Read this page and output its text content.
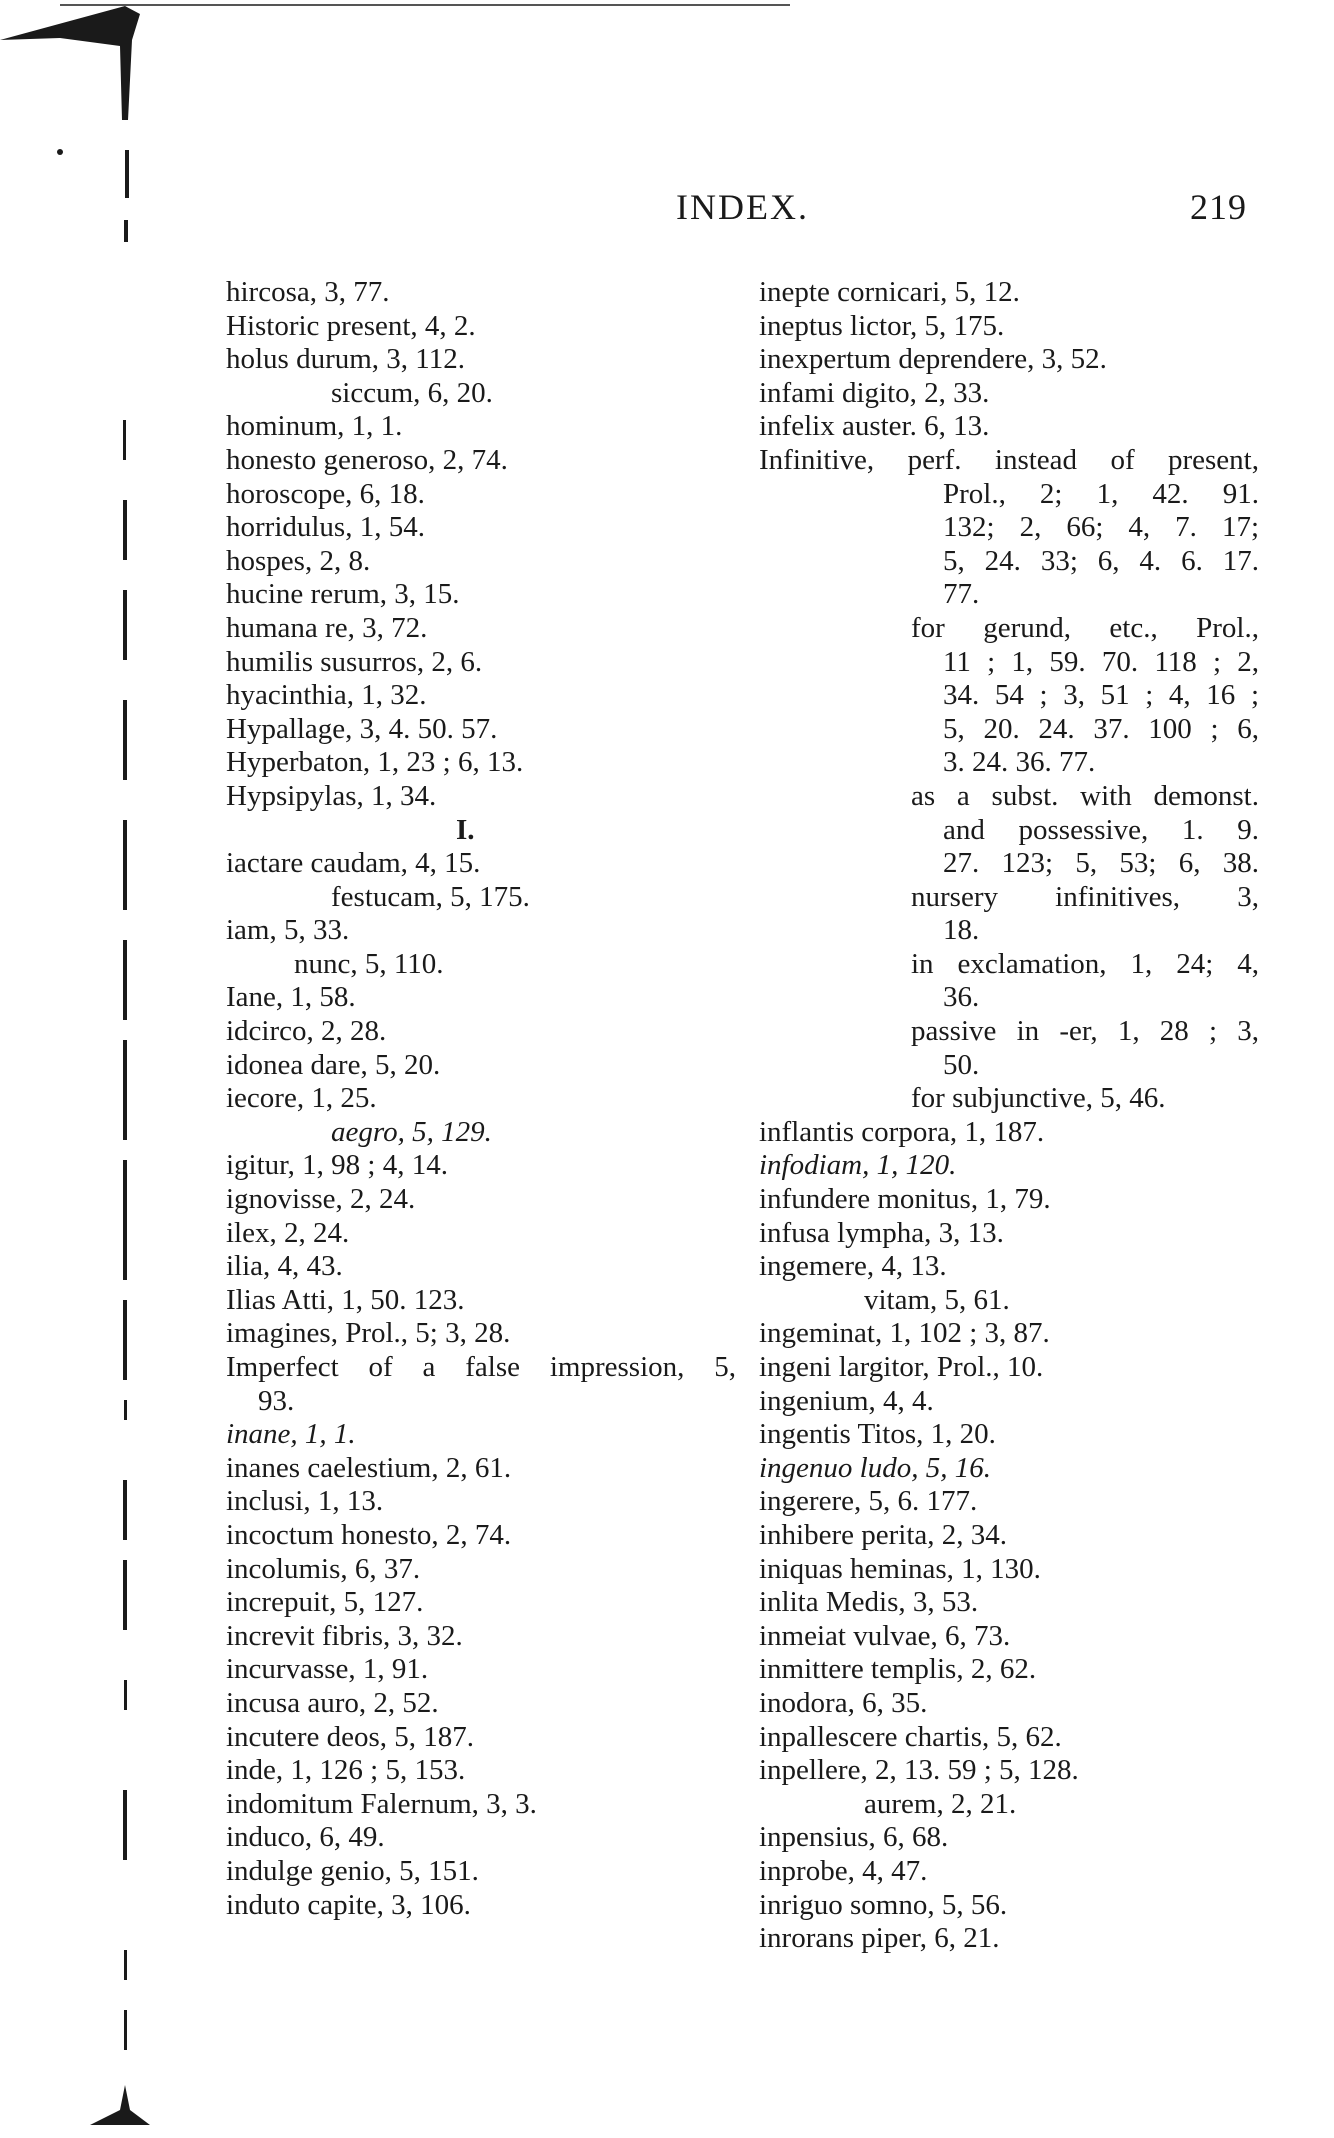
INDEX.	219
hircosa, 3, 77.
Historic present, 4, 2.
holus durum, 3, 112.
siccum, 6, 20.
hominum, 1, 1.
honesto generoso, 2, 74.
horoscope, 6, 18.
horridulus, 1, 54.
hospes, 2, 8.
hucine rerum, 3, 15.
humana re, 3, 72.
humilis susurros, 2, 6.
hyacinthia, 1, 32.
Hypallage, 3, 4. 50. 57.
Hyperbaton, 1, 23 ; 6, 13.
Hypsipylas, 1, 34.
I.
iactare caudam, 4, 15.
festucam, 5, 175.
iam, 5, 33.
nunc, 5, 110.
Iane, 1, 58.
idcirco, 2, 28.
idonea dare, 5, 20.
iecore, 1, 25.
aegro, 5, 129.
igitur, 1, 98 ; 4, 14.
ignovisse, 2, 24.
ilex, 2, 24.
ilia, 4, 43.
Ilias Atti, 1, 50. 123.
imagines, Prol., 5; 3, 28.
Imperfect of a false impression, 5,
93.
inane, 1, 1.
inanes caelestium, 2, 61.
inclusi, 1, 13.
incoctum honesto, 2, 74.
incolumis, 6, 37.
increpuit, 5, 127.
increvit fibris, 3, 32.
incurvasse, 1, 91.
incusa auro, 2, 52.
incutere deos, 5, 187.
inde, 1, 126 ; 5, 153.
indomitum Falernum, 3, 3.
induco, 6, 49.
indulge genio, 5, 151.
induto capite, 3, 106.
inepte cornicari, 5, 12.
ineptus lictor, 5, 175.
inexpertum deprendere, 3, 52.
infami digito, 2, 33.
infelix auster. 6, 13.
Infinitive, perf. instead of present,
Prol., 2; 1, 42. 91.
132; 2, 66; 4, 7. 17;
5, 24. 33; 6, 4. 6. 17.
77.
for gerund, etc., Prol.,
11 ; 1, 59. 70. 118 ; 2,
34. 54 ; 3, 51 ; 4, 16 ;
5, 20. 24. 37. 100 ; 6,
3. 24. 36. 77.
as a subst. with demonst.
and possessive, 1. 9.
27. 123; 5, 53; 6, 38.
nursery infinitives, 3,
18.
in exclamation, 1, 24; 4,
36.
passive in -er, 1, 28 ; 3,
50.
for subjunctive, 5, 46.
inflantis corpora, 1, 187.
infodiam, 1, 120.
infundere monitus, 1, 79.
infusa lympha, 3, 13.
ingemere, 4, 13.
vitam, 5, 61.
ingeminat, 1, 102 ; 3, 87.
ingeni largitor, Prol., 10.
ingenium, 4, 4.
ingentis Titos, 1, 20.
ingenuo ludo, 5, 16.
ingerere, 5, 6. 177.
inhibere perita, 2, 34.
iniquas heminas, 1, 130.
inlita Medis, 3, 53.
inmeiat vulvae, 6, 73.
inmittere templis, 2, 62.
inodora, 6, 35.
inpallescere chartis, 5, 62.
inpellere, 2, 13. 59 ; 5, 128.
aurem, 2, 21.
inpensius, 6, 68.
inprobe, 4, 47.
inriguo somno, 5, 56.
inrorans piper, 6, 21.
